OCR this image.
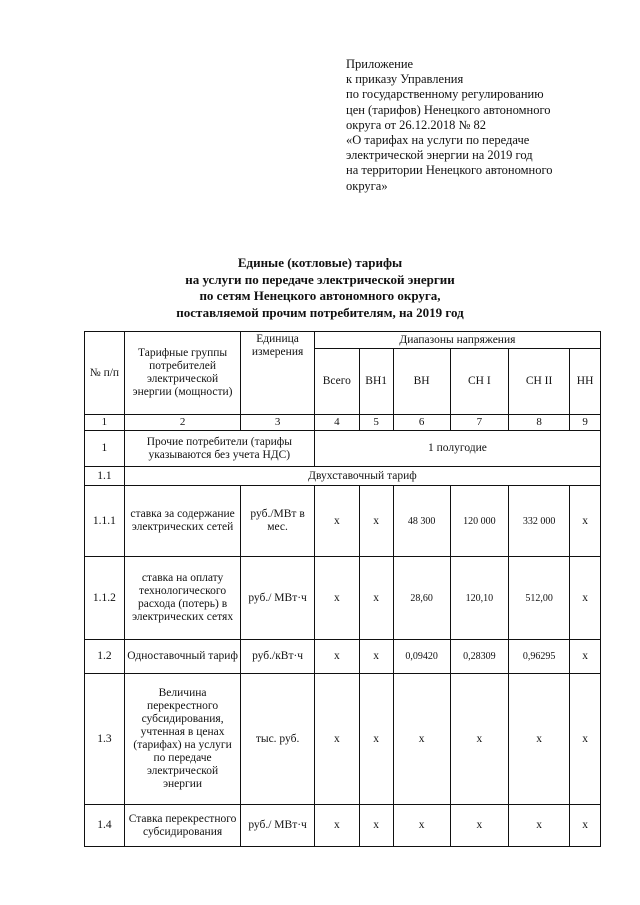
Приложение
к приказу Управления
по государственному регулированию
цен (тарифов) Ненецкого автономного
округа от 26.12.2018 № 82
«О тарифах на услуги по передаче
электрической энергии на 2019 год
на территории Ненецкого автономного
округа»
Единые (котловые) тарифы
на услуги по передаче электрической энергии
по сетям Ненецкого автономного округа,
поставляемой прочим потребителям, на 2019 год
№ п/п	Тарифные группы потребителей электрической энергии (мощности)	Единица измерения	Диапазоны напряжения					
			Всего	ВН1	ВН	СН I	СН II	НН
1	2	3	4	5	6	7	8	9
1	Прочие потребители (тарифы указываются без учета НДС)		1 полугодие					
1.1	Двухставочный тариф							
1.1.1	ставка за содержание электрических сетей	руб./МВт в мес.	х	х	48 300	120 000	332 000	х
1.1.2	ставка на оплату технологического расхода (потерь) в электрических сетях	руб./ МВт·ч	х	х	28,60	120,10	512,00	х
1.2	Одноставочный тариф	руб./кВт·ч	х	х	0,09420	0,28309	0,96295	х
1.3	Величина перекрестного субсидирования, учтенная в ценах (тарифах) на услуги по передаче электрической энергии	тыс. руб.	х	х	х	х	х	х
1.4	Ставка перекрестного субсидирования	руб./ МВт·ч	х	х	х	х	х	х
